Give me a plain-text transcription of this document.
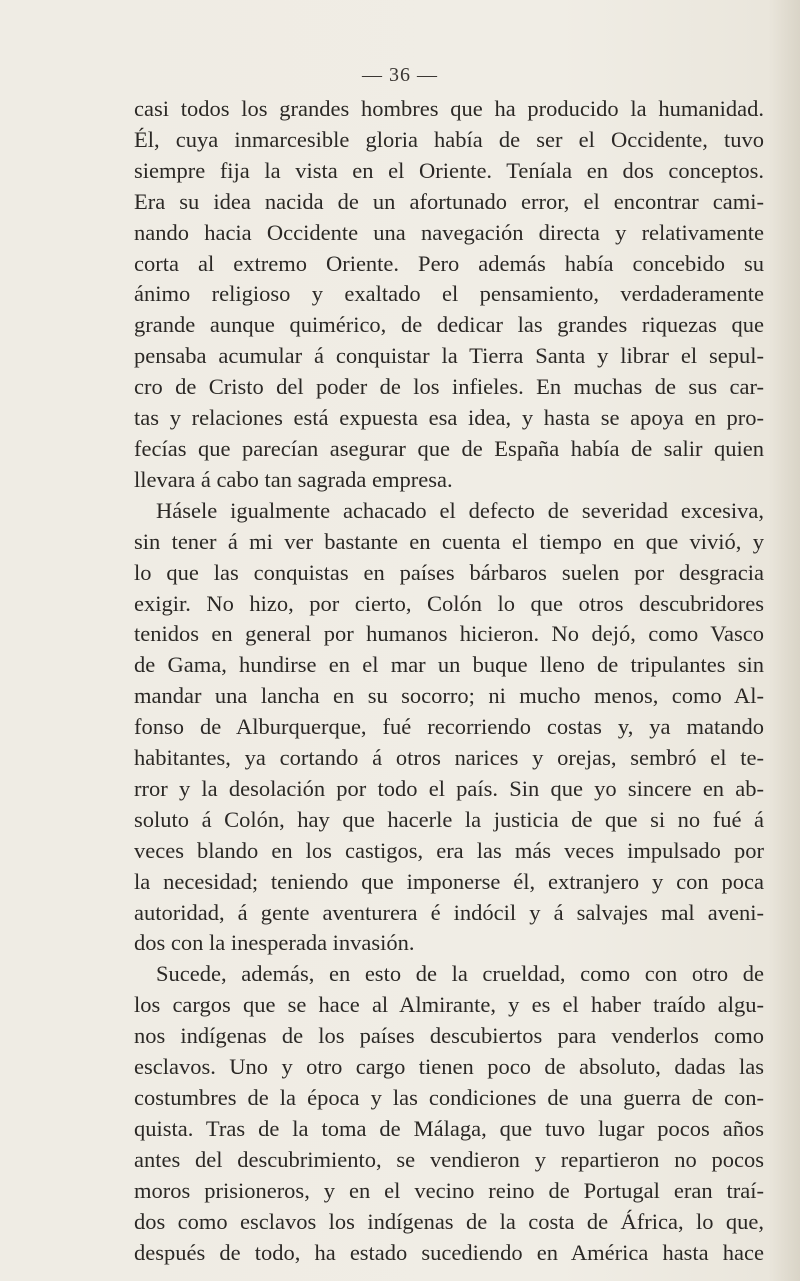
— 36 —
casi todos los grandes hombres que ha producido la humanidad.
Él, cuya inmarcesible gloria había de ser el Occidente, tuvo
siempre fija la vista en el Oriente. Teníala en dos conceptos.
Era su idea nacida de un afortunado error, el encontrar cami-
nando hacia Occidente una navegación directa y relativamente
corta al extremo Oriente. Pero además había concebido su
ánimo religioso y exaltado el pensamiento, verdaderamente
grande aunque quimérico, de dedicar las grandes riquezas que
pensaba acumular á conquistar la Tierra Santa y librar el sepul-
cro de Cristo del poder de los infieles. En muchas de sus car-
tas y relaciones está expuesta esa idea, y hasta se apoya en pro-
fecías que parecían asegurar que de España había de salir quien
llevara á cabo tan sagrada empresa.
Hásele igualmente achacado el defecto de severidad excesiva,
sin tener á mi ver bastante en cuenta el tiempo en que vivió, y
lo que las conquistas en países bárbaros suelen por desgracia
exigir. No hizo, por cierto, Colón lo que otros descubridores
tenidos en general por humanos hicieron. No dejó, como Vasco
de Gama, hundirse en el mar un buque lleno de tripulantes sin
mandar una lancha en su socorro; ni mucho menos, como Al-
fonso de Alburquerque, fué recorriendo costas y, ya matando
habitantes, ya cortando á otros narices y orejas, sembró el te-
rror y la desolación por todo el país. Sin que yo sincere en ab-
soluto á Colón, hay que hacerle la justicia de que si no fué á
veces blando en los castigos, era las más veces impulsado por
la necesidad; teniendo que imponerse él, extranjero y con poca
autoridad, á gente aventurera é indócil y á salvajes mal aveni-
dos con la inesperada invasión.
Sucede, además, en esto de la crueldad, como con otro de
los cargos que se hace al Almirante, y es el haber traído algu-
nos indígenas de los países descubiertos para venderlos como
esclavos. Uno y otro cargo tienen poco de absoluto, dadas las
costumbres de la época y las condiciones de una guerra de con-
quista. Tras de la toma de Málaga, que tuvo lugar pocos años
antes del descubrimiento, se vendieron y repartieron no pocos
moros prisioneros, y en el vecino reino de Portugal eran traí-
dos como esclavos los indígenas de la costa de África, lo que,
después de todo, ha estado sucediendo en América hasta hace
